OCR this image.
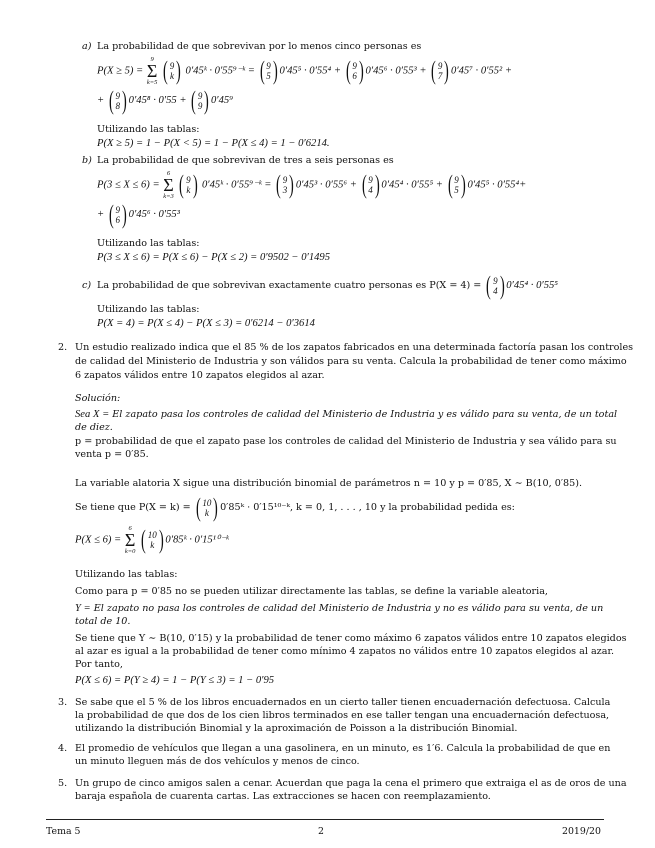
a) La probabilidad de que sobrevivan por lo menos cinco personas es
P(X ≥ 5) =
9
Σ
k=5
( 9
k ) 0′45ᵏ · 0′55⁹⁻ᵏ = ( 9
5 ) 0′45⁵ · 0′55⁴ + ( 9
6 ) 0′45⁶ · 0′55³ + ( 9
7 ) 0′45⁷ · 0′55² +
+ ( 9
8 ) 0′45⁸ · 0′55 + ( 9
9 ) 0′45⁹
Utilizando las tablas:
P(X ≥ 5) = 1 − P(X < 5) = 1 − P(X ≤ 4) = 1 − 0′6214.
b) La probabilidad de que sobrevivan de tres a seis personas es
P(3 ≤ X ≤ 6) =
6
Σ
k=3
( 9
k ) 0′45ᵏ · 0′55⁹⁻ᵏ = ( 9
3 ) 0′45³ · 0′55⁶ + ( 9
4 ) 0′45⁴ · 0′55⁵ + ( 9
5 ) 0′45⁵ · 0′55⁴+
+ ( 9
6 ) 0′45⁶ · 0′55³
Utilizando las tablas:
P(3 ≤ X ≤ 6) = P(X ≤ 6) − P(X ≤ 2) = 0′9502 − 0′1495
c) La probabilidad de que sobrevivan exactamente cuatro personas es P(X = 4) = ( 9
4 ) 0′45⁴ · 0′55⁵
Utilizando las tablas:
P(X = 4) = P(X ≤ 4) − P(X ≤ 3) = 0′6214 − 0′3614
2. Un estudio realizado indica que el 85 % de los zapatos fabricados en una determinada factoría pasan los controles
de calidad del Ministerio de Industria y son válidos para su venta. Calcula la probabilidad de tener como máximo
6 zapatos válidos entre 10 zapatos elegidos al azar.
Solución:
Sea X = El zapato pasa los controles de calidad del Ministerio de Industria y es válido para su venta, de un total
de diez.
p = probabilidad de que el zapato pase los controles de calidad del Ministerio de Industria y sea válido para su
venta p = 0′85.
La variable alatoria X sigue una distribución binomial de parámetros n = 10 y p = 0′85, X ∼ B(10, 0′85).
Se tiene que P(X = k) = ( 10
k ) 0′85ᵏ · 0′15¹⁰⁻ᵏ, k = 0, 1, . . . , 10 y la probabilidad pedida es:
P(X ≤ 6) =
6
Σ
k=0
( 10
k ) 0′85ᵏ · 0′15¹⁰⁻ᵏ
Utilizando las tablas:
Como para p = 0′85 no se pueden utilizar directamente las tablas, se define la variable aleatoria,
Y = El zapato no pasa los controles de calidad del Ministerio de Industria y no es válido para su venta, de un
total de 10.
Se tiene que Y ∼ B(10, 0′15) y la probabilidad de tener como máximo 6 zapatos válidos entre 10 zapatos elegidos
al azar es igual a la probabilidad de tener como mínimo 4 zapatos no válidos entre 10 zapatos elegidos al azar.
Por tanto,
P(X ≤ 6) = P(Y ≥ 4) = 1 − P(Y ≤ 3) = 1 − 0′95
3. Se sabe que el 5 % de los libros encuadernados en un cierto taller tienen encuadernación defectuosa. Calcula
la probabilidad de que dos de los cien libros terminados en ese taller tengan una encuadernación defectuosa,
utilizando la distribución Binomial y la aproximación de Poisson a la distribución Binomial.
4. El promedio de vehículos que llegan a una gasolinera, en un minuto, es 1′6. Calcula la probabilidad de que en
un minuto lleguen más de dos vehículos y menos de cinco.
5. Un grupo de cinco amigos salen a cenar. Acuerdan que paga la cena el primero que extraiga el as de oros de una
baraja española de cuarenta cartas. Las extracciones se hacen con reemplazamiento.
Tema 5	2	2019/20
